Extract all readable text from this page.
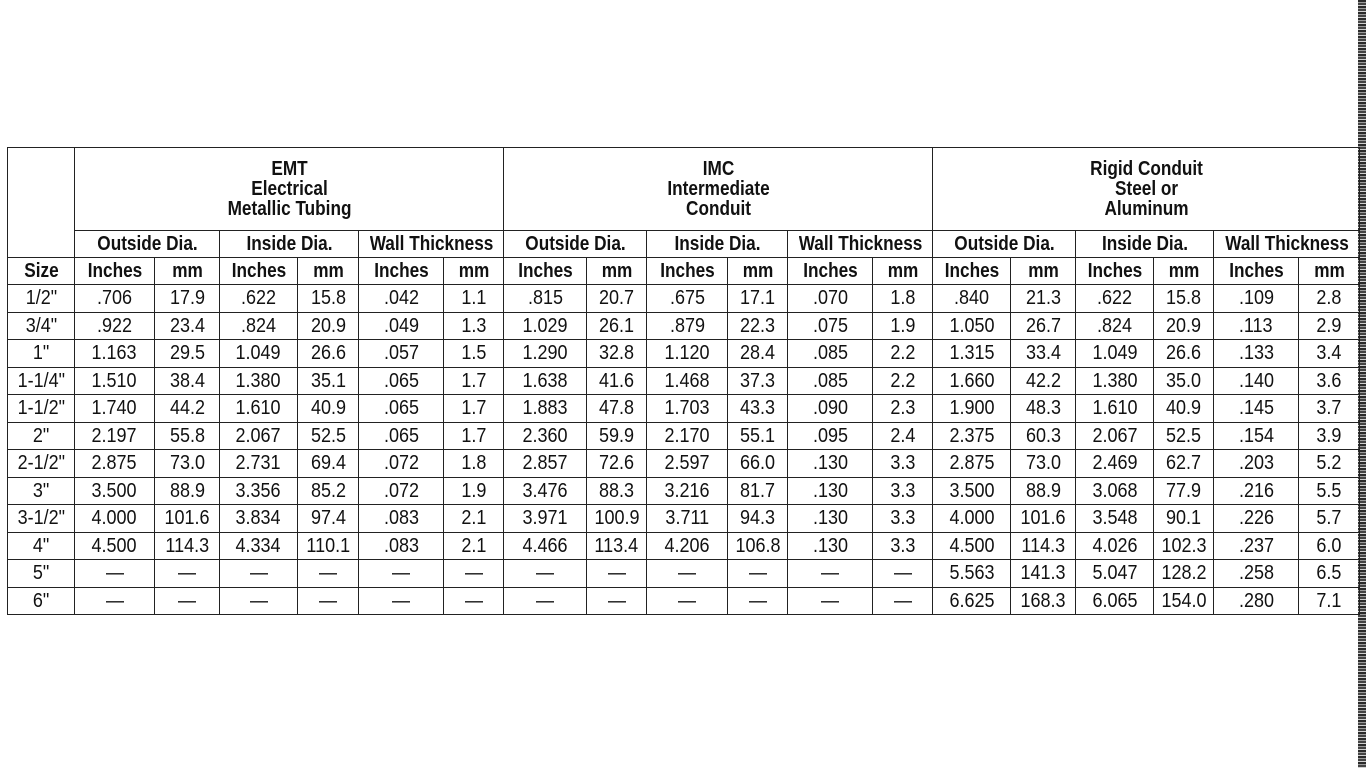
	EMT
Electrical
Metallic Tubing						IMC
Intermediate
Conduit						Rigid Conduit
Steel or
Aluminum					

	Outside Dia.		Inside Dia.		Wall Thickness		Outside Dia.		Inside Dia.		Wall Thickness		Outside Dia.		Inside Dia.		Wall Thickness	
Size	Inches	mm	Inches	mm	Inches	mm	Inches	mm	Inches	mm	Inches	mm	Inches	mm	Inches	mm	Inches	mm
1/2"	.706	17.9	.622	15.8	.042	1.1	.815	20.7	.675	17.1	.070	1.8	.840	21.3	.622	15.8	.109	2.8
3/4"	.922	23.4	.824	20.9	.049	1.3	1.029	26.1	.879	22.3	.075	1.9	1.050	26.7	.824	20.9	.113	2.9
1"	1.163	29.5	1.049	26.6	.057	1.5	1.290	32.8	1.120	28.4	.085	2.2	1.315	33.4	1.049	26.6	.133	3.4
1-1/4"	1.510	38.4	1.380	35.1	.065	1.7	1.638	41.6	1.468	37.3	.085	2.2	1.660	42.2	1.380	35.0	.140	3.6
1-1/2"	1.740	44.2	1.610	40.9	.065	1.7	1.883	47.8	1.703	43.3	.090	2.3	1.900	48.3	1.610	40.9	.145	3.7
2"	2.197	55.8	2.067	52.5	.065	1.7	2.360	59.9	2.170	55.1	.095	2.4	2.375	60.3	2.067	52.5	.154	3.9
2-1/2"	2.875	73.0	2.731	69.4	.072	1.8	2.857	72.6	2.597	66.0	.130	3.3	2.875	73.0	2.469	62.7	.203	5.2
3"	3.500	88.9	3.356	85.2	.072	1.9	3.476	88.3	3.216	81.7	.130	3.3	3.500	88.9	3.068	77.9	.216	5.5
3-1/2"	4.000	101.6	3.834	97.4	.083	2.1	3.971	100.9	3.711	94.3	.130	3.3	4.000	101.6	3.548	90.1	.226	5.7
4"	4.500	114.3	4.334	110.1	.083	2.1	4.466	113.4	4.206	106.8	.130	3.3	4.500	114.3	4.026	102.3	.237	6.0
5"	—	—	—	—	—	—	—	—	—	—	—	—	5.563	141.3	5.047	128.2	.258	6.5
6"	—	—	—	—	—	—	—	—	—	—	—	—	6.625	168.3	6.065	154.0	.280	7.1
